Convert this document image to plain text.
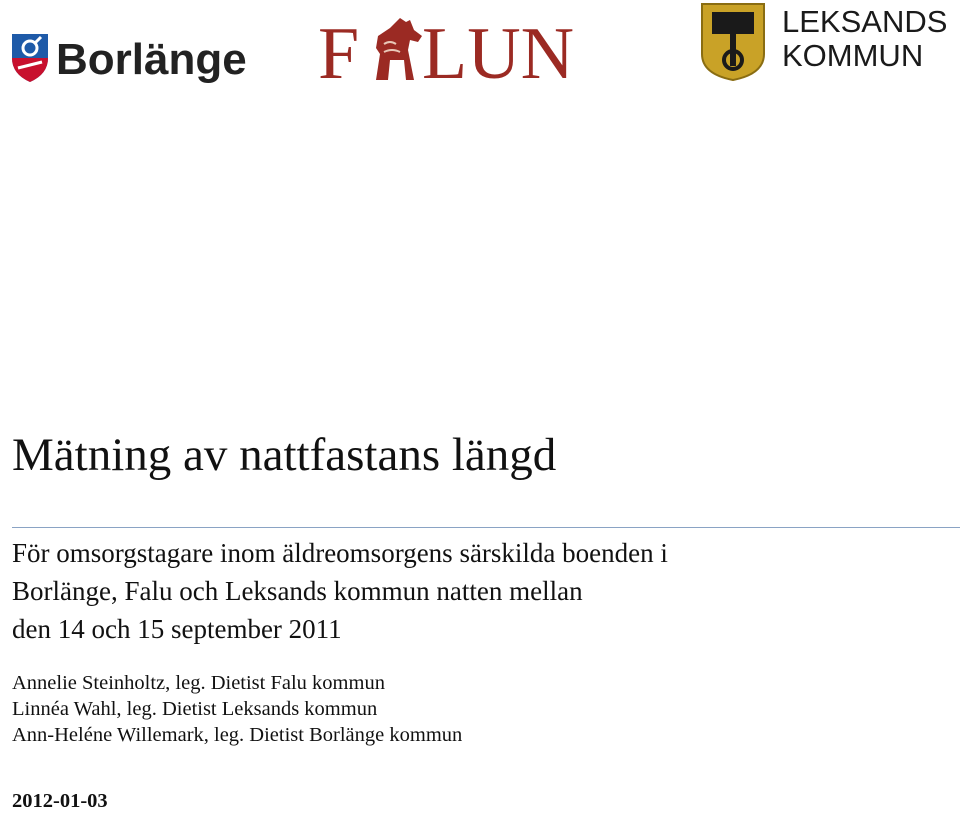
Borlänge F LUN	LEKSANDS
KOMMUN
Mätning av nattfastans längd
För omsorgstagare inom äldreomsorgens särskilda boenden i
Borlänge, Falu och Leksands kommun natten mellan
den 14 och 15 september 2011
Annelie Steinholtz, leg. Dietist Falu kommun
Linnéa Wahl, leg. Dietist Leksands kommun
Ann-Heléne Willemark, leg. Dietist Borlänge kommun
2012-01-03
